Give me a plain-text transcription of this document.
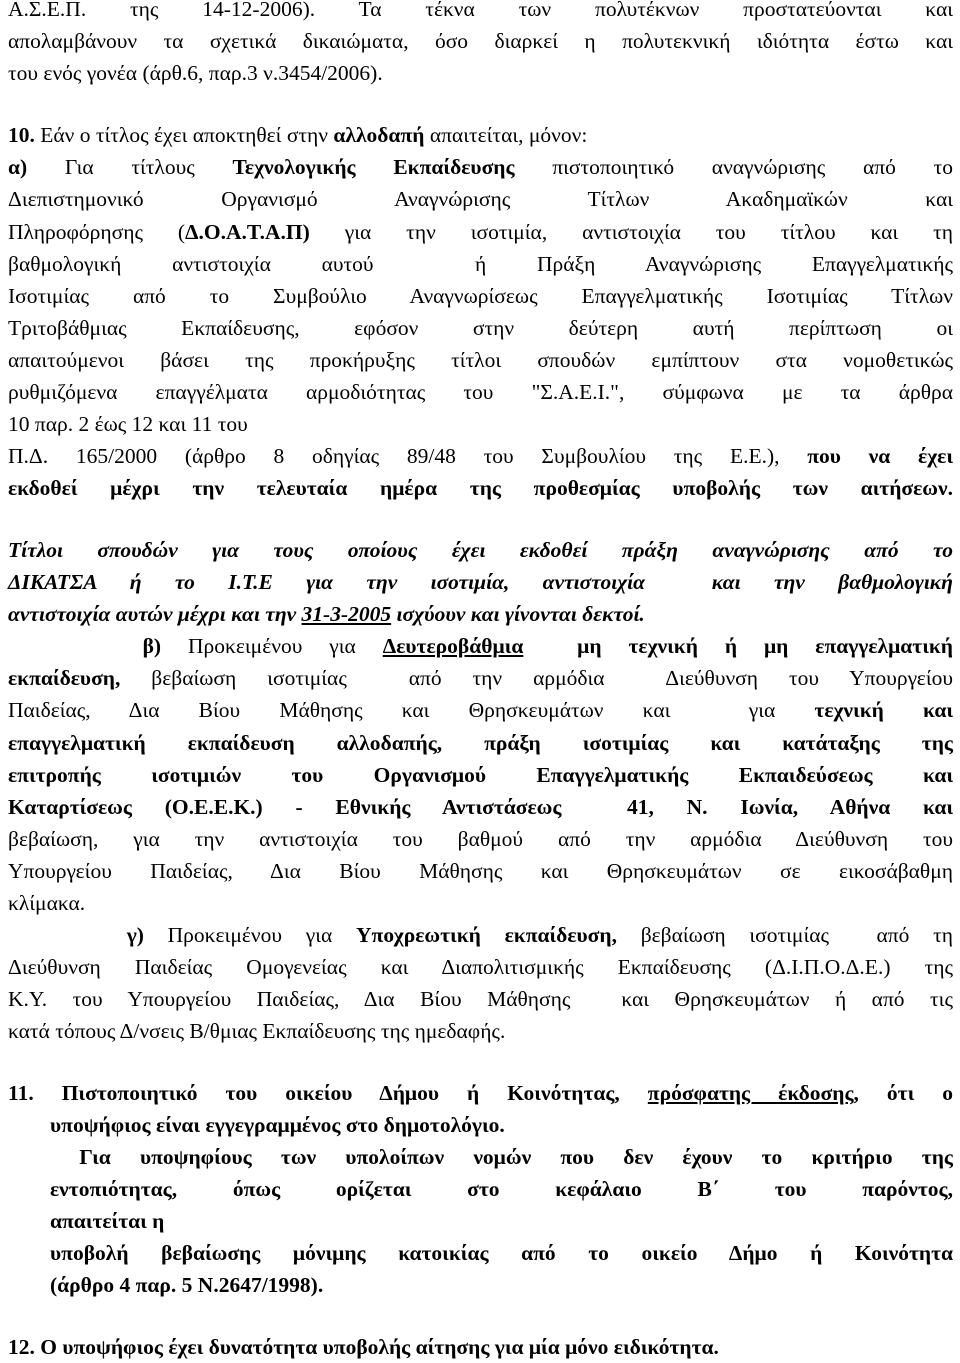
Α.Σ.Ε.Π. της 14-12-2006). Τα τέκνα των πολυτέκνων προστατεύονται και
απολαμβάνουν τα σχετικά δικαιώματα, όσο διαρκεί η πολυτεκνική ιδιότητα έστω και
του ενός γονέα (άρθ.6, παρ.3 ν.3454/2006).
10. Εάν ο τίτλος έχει αποκτηθεί στην αλλοδαπή απαιτείται, μόνον:
α) Για τίτλους Τεχνολογικής Εκπαίδευσης πιστοποιητικό αναγνώρισης από το
Διεπιστημονικό Οργανισμό Αναγνώρισης Τίτλων Ακαδημαϊκών και
Πληροφόρησης (Δ.Ο.Α.Τ.Α.Π) για την ισοτιμία, αντιστοιχία του τίτλου και τη
βαθμολογική αντιστοιχία αυτού  ή Πράξη Αναγνώρισης Επαγγελματικής
Ισοτιμίας από το Συμβούλιο Αναγνωρίσεως Επαγγελματικής Ισοτιμίας Τίτλων
Τριτοβάθμιας Εκπαίδευσης, εφόσον στην δεύτερη αυτή περίπτωση οι
απαιτούμενοι βάσει της προκήρυξης τίτλοι σπουδών εμπίπτουν στα νομοθετικώς
ρυθμιζόμενα επαγγέλματα αρμοδιότητας του "Σ.Α.Ε.Ι.", σύμφωνα με τα άρθρα
10 παρ. 2 έως 12 και 11 του
Π.Δ. 165/2000 (άρθρο 8 οδηγίας 89/48 του Συμβουλίου της Ε.Ε.), που να έχει
εκδοθεί μέχρι την τελευταία ημέρα της προθεσμίας υποβολής των αιτήσεων.
Τίτλοι σπουδών για τους οποίους έχει εκδοθεί πράξη αναγνώρισης από το
ΔΙΚΑΤΣΑ ή το Ι.Τ.Ε για την ισοτιμία, αντιστοιχία  και την βαθμολογική
αντιστοιχία αυτών μέχρι και την 31-3-2005 ισχύουν και γίνονται δεκτοί.
β) Προκειμένου για Δευτεροβάθμια  μη τεχνική ή μη επαγγελματική
εκπαίδευση, βεβαίωση ισοτιμίας  από την αρμόδια  Διεύθυνση του Υπουργείου
Παιδείας, Δια Βίου Μάθησης και Θρησκευμάτων και  για τεχνική και
επαγγελματική εκπαίδευση αλλοδαπής, πράξη ισοτιμίας και κατάταξης της
επιτροπής ισοτιμιών του Οργανισμού Επαγγελματικής Εκπαιδεύσεως και
Καταρτίσεως (Ο.Ε.Ε.Κ.) - Εθνικής Αντιστάσεως  41, Ν. Ιωνία, Αθήνα και
βεβαίωση, για την αντιστοιχία του βαθμού από την αρμόδια Διεύθυνση του
Υπουργείου Παιδείας, Δια Βίου Μάθησης και Θρησκευμάτων σε εικοσάβαθμη
κλίμακα.
γ) Προκειμένου για Υποχρεωτική εκπαίδευση, βεβαίωση ισοτιμίας  από τη
Διεύθυνση Παιδείας Ομογενείας και Διαπολιτισμικής Εκπαίδευσης (Δ.Ι.Π.Ο.Δ.Ε.) της
Κ.Υ. του Υπουργείου Παιδείας, Δια Βίου Μάθησης  και Θρησκευμάτων ή από τις
κατά τόπους Δ/νσεις Β/θμιας Εκπαίδευσης της ημεδαφής.
11. Πιστοποιητικό του οικείου Δήμου ή Κοινότητας, πρόσφατης έκδοσης, ότι ο
υποψήφιος είναι εγγεγραμμένος στο δημοτολόγιο.
Για υποψηφίους των υπολοίπων νομών που δεν έχουν το κριτήριο της
εντοπιότητας, όπως ορίζεται στο κεφάλαιο Β΄ του παρόντος,
απαιτείται η
υποβολή βεβαίωσης μόνιμης κατοικίας από το οικείο Δήμο ή Κοινότητα
(άρθρο 4 παρ. 5 Ν.2647/1998).
12. Ο υποψήφιος έχει δυνατότητα υποβολής αίτησης για μία μόνο ειδικότητα.
